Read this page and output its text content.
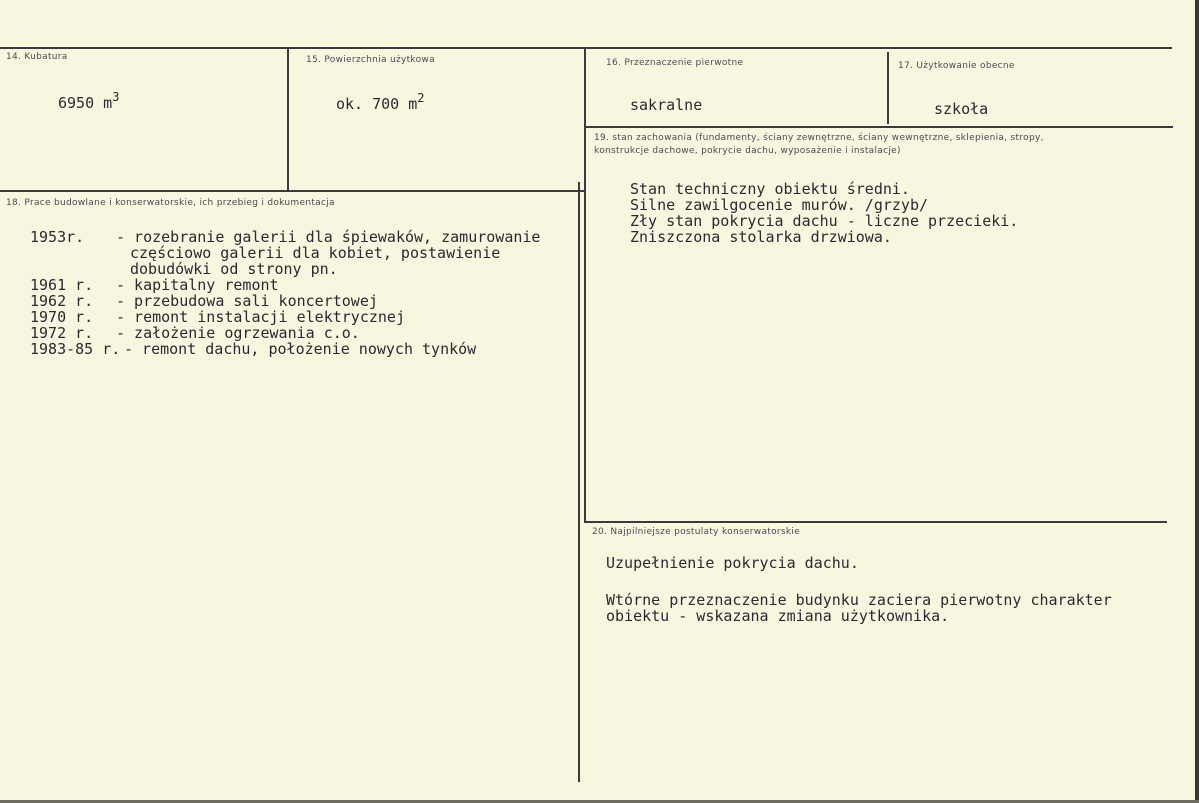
14. Kubatura
6950 $m^3$
15. Powierzchnia użytkowa
ok. 700 $m^2$
16. Przeznaczenie pierwotne
sakralne
17. Użytkowanie obecne
szkoła
19. stan zachowania (fundamenty, ściany zewnętrzne, ściany wewnętrzne, sklepienia, stropy,
konstrukcje dachowe, pokrycie dachu, wyposażenie i instalacje)
Stan techniczny obiektu średni.
Silne zawilgocenie murów. /grzyb/
Zły stan pokrycia dachu - liczne przecieki.
Zniszczona stolarka drzwiowa.
18. Prace budowlane i konserwatorskie, ich przebieg i dokumentacja
1953r. - rozebranie galerii dla śpiewaków, zamurowanie
częściowo galerii dla kobiet, postawienie
dobudówki od strony pn.
1961 r. - kapitalny remont
1962 r. - przebudowa sali koncertowej
1970 r. - remont instalacji elektrycznej
1972 r. - założenie ogrzewania c.o.
1983-85 r. - remont dachu, położenie nowych tynków
20. Najpilniejsze postulaty konserwatorskie
Uzupełnienie pokrycia dachu.
Wtórne przeznaczenie budynku zaciera pierwotny charakter
obiektu - wskazana zmiana użytkownika.
